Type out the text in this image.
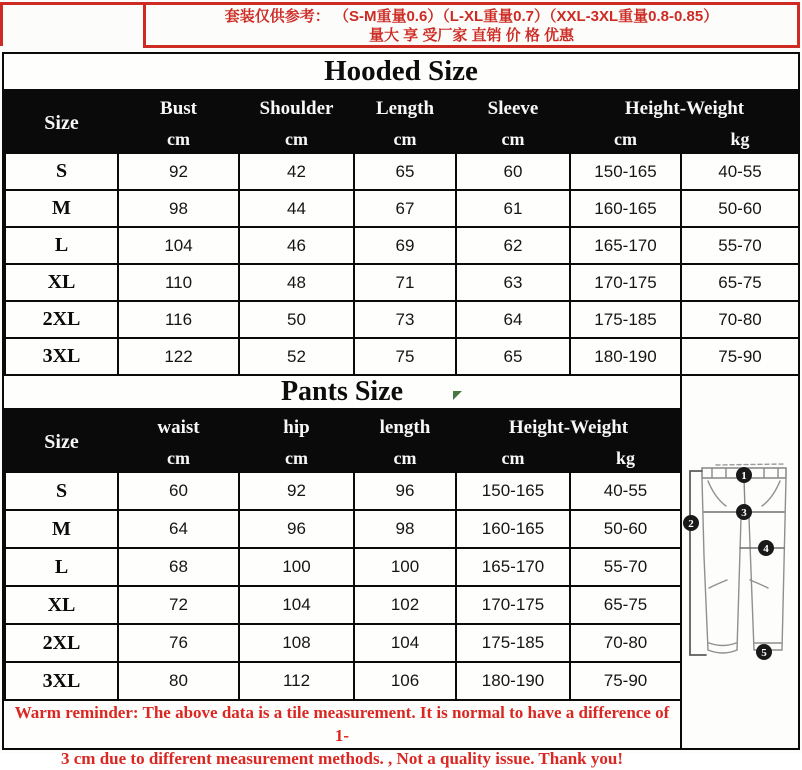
套装仅供参考： （S-M重量0.6）（L-XL重量0.7）（XXL-3XL重量0.8-0.85）
量大 享 受厂家 直销 价 格 优惠
Hooded Size
Size	Bust	Shoulder	Length	Sleeve	Height-Weight	
	cm	cm	cm	cm	cm	kg
S	92	42	65	60	150-165	40-55
M	98	44	67	61	160-165	50-60
L	104	46	69	62	165-170	55-70
XL	110	48	71	63	170-175	65-75
2XL	116	50	73	64	175-185	70-80
3XL	122	52	75	65	180-190	75-90
Pants Size
Size	waist	hip	length	Height-Weight	
	cm	cm	cm	cm	kg
S	60	92	96	150-165	40-55
M	64	96	98	160-165	50-60
L	68	100	100	165-170	55-70
XL	72	104	102	170-175	65-75
2XL	76	108	104	175-185	70-80
3XL	80	112	106	180-190	75-90
Warm reminder: The above data is a tile measurement. It is normal to have a difference of 1-
3 cm due to different measurement methods. , Not a quality issue. Thank you!
1
2
3
4
5
